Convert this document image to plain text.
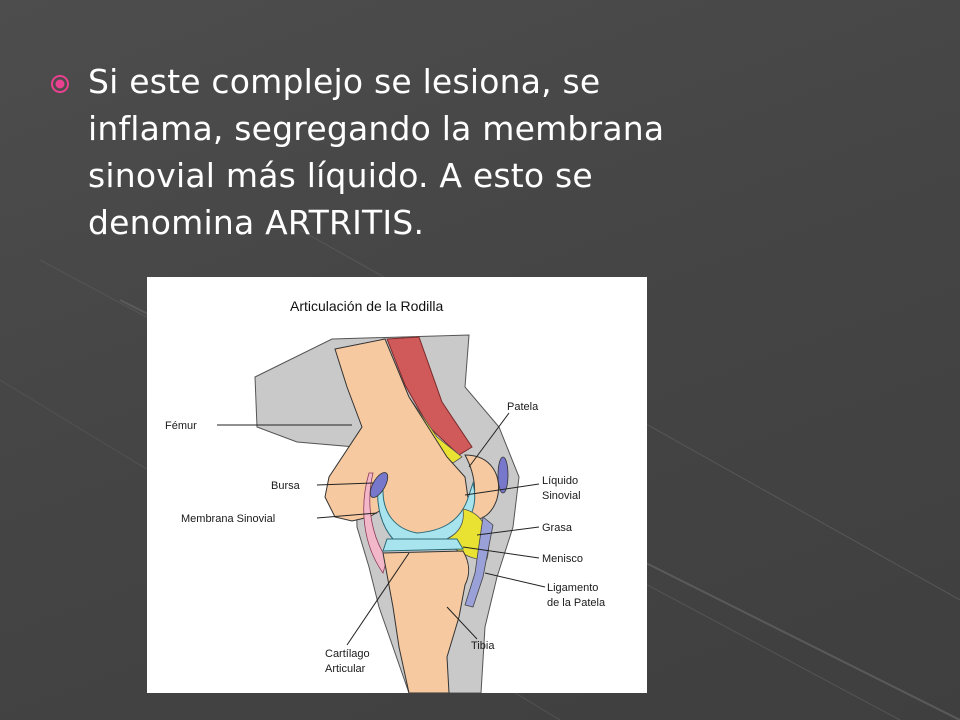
Si este complejo se lesiona, se
inflama, segregando la membrana
sinovial más líquido. A esto se
denomina ARTRITIS.
Articulación de la Rodilla
Fémur
Bursa
Membrana Sinovial
Patela
Líquido
Sinovial
Grasa
Menisco
Ligamento
de la Patela
Tibia
Cartílago
Articular
